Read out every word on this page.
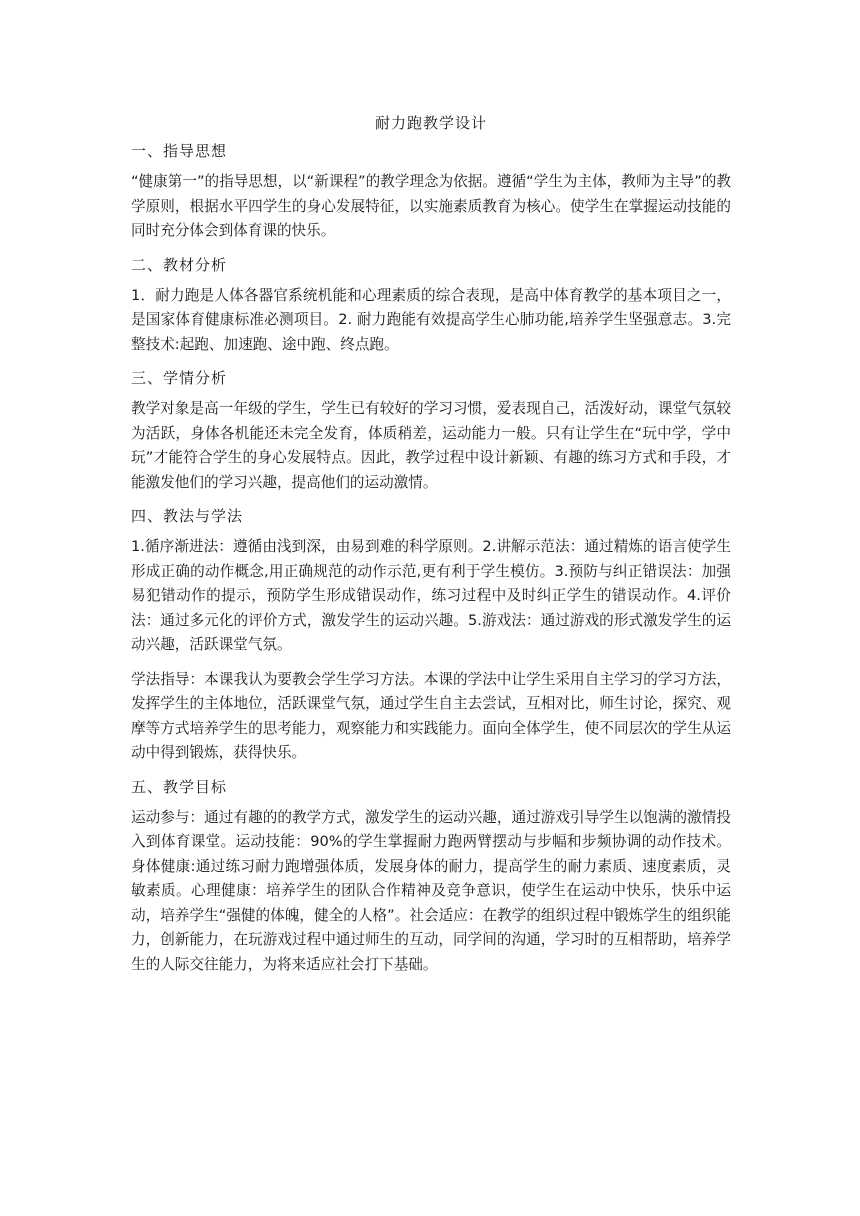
耐力跑教学设计
一、指导思想

“健康第一”的指导思想，以“新课程”的教学理念为依据。遵循“学生为主体，教师为主导”的教学原则，根据水平四学生的身心发展特征，以实施素质教育为核心。使学生在掌握运动技能的同时充分体会到体育课的快乐。

二、教材分析

1．耐力跑是人体各器官系统机能和心理素质的综合表现，是高中体育教学的基本项目之一，是国家体育健康标准必测项目。2. 耐力跑能有效提高学生心肺功能,培养学生坚强意志。3.完整技术:起跑、加速跑、途中跑、终点跑。

三、学情分析

教学对象是高一年级的学生，学生已有较好的学习习惯，爱表现自己，活泼好动，课堂气氛较为活跃，身体各机能还未完全发育，体质稍差，运动能力一般。只有让学生在“玩中学，学中玩”才能符合学生的身心发展特点。因此，教学过程中设计新颖、有趣的练习方式和手段，才能激发他们的学习兴趣，提高他们的运动激情。

四、教法与学法

1.循序渐进法：遵循由浅到深，由易到难的科学原则。2.讲解示范法：通过精炼的语言使学生形成正确的动作概念,用正确规范的动作示范,更有利于学生模仿。3.预防与纠正错误法：加强易犯错动作的提示，预防学生形成错误动作，练习过程中及时纠正学生的错误动作。4.评价法：通过多元化的评价方式，激发学生的运动兴趣。5.游戏法：通过游戏的形式激发学生的运动兴趣，活跃课堂气氛。

学法指导：本课我认为要教会学生学习方法。本课的学法中让学生采用自主学习的学习方法，发挥学生的主体地位，活跃课堂气氛，通过学生自主去尝试，互相对比，师生讨论，探究、观摩等方式培养学生的思考能力，观察能力和实践能力。面向全体学生，使不同层次的学生从运动中得到锻炼，获得快乐。

五、教学目标

运动参与：通过有趣的的教学方式，激发学生的运动兴趣，通过游戏引导学生以饱满的激情投入到体育课堂。运动技能：90%的学生掌握耐力跑两臂摆动与步幅和步频协调的动作技术。身体健康:通过练习耐力跑增强体质，发展身体的耐力，提高学生的耐力素质、速度素质，灵敏素质。心理健康：培养学生的团队合作精神及竞争意识，使学生在运动中快乐，快乐中运动，培养学生“强健的体魄，健全的人格”。社会适应：在教学的组织过程中锻炼学生的组织能力，创新能力，在玩游戏过程中通过师生的互动，同学间的沟通，学习时的互相帮助，培养学生的人际交往能力，为将来适应社会打下基础。
